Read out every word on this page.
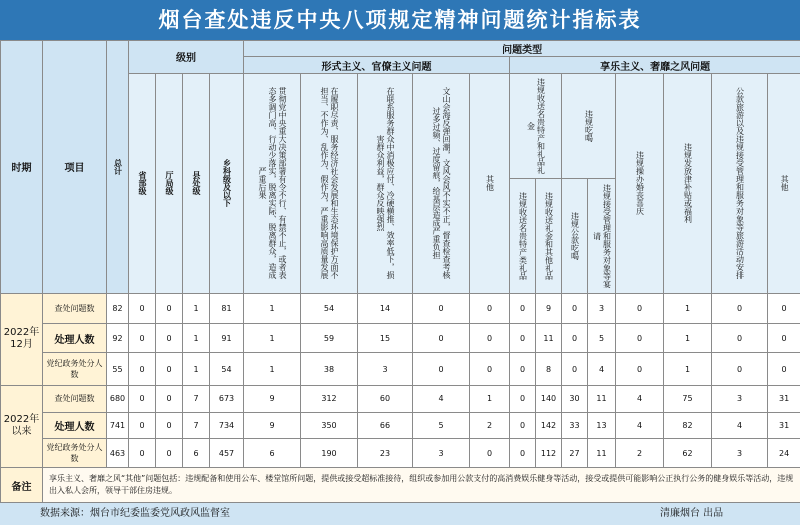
烟台查处违反中央八项规定精神问题统计指标表
时期	项目	总计	级别				问题类型												
							形式主义、官僚主义问题					享乐主义、奢靡之风问题							

			省部级	厅局级	县处级	乡科级及以下	贯彻党中央重大决策部署有令不行、有禁不止，或者表态多调门高、行动少落实，脱离实际、脱离群众，造成严重后果	在履职尽责、服务经济社会发展和生态环境保护方面不担当、不作为、乱作为、假作为，严重影响高质量发展	在联系服务群众中消极应付、冷硬横推、效率低下，损害群众利益，群众反映强烈	文山会海反弹回潮，文风会风不实不正，督查检查考核过多过频、过度留痕，给基层造成严重负担	其他	违规收送名贵特产和礼品礼金		违规吃喝		违规操办婚丧喜庆	违规发放津补贴或福利	公款旅游以及违规接受管理和服务对象等旅游活动安排	其他

												违规收送名贵特产类礼品	违规收送礼金和其他礼品	违规公款吃喝	违规接受管理和服务对象等宴请				

2022年12月	查处问题数	82	0	0	1	81	1	54	14	0	0	0	9	0	3	0	1	0	0
	处理人数	92	0	0	1	91	1	59	15	0	0	0	11	0	5	0	1	0	0
	党纪政务处分人数	55	0	0	1	54	1	38	3	0	0	0	8	0	4	0	1	0	0
2022年以来	查处问题数	680	0	0	7	673	9	312	60	4	1	0	140	30	11	4	75	3	31
	处理人数	741	0	0	7	734	9	350	66	5	2	0	142	33	13	4	82	4	31
	党纪政务处分人数	463	0	0	6	457	6	190	23	3	0	0	112	27	11	2	62	3	24
备注	享乐主义、奢靡之风“其他”问题包括：违规配备和使用公车、楼堂馆所问题，提供或接受超标准接待，组织或参加用公款支付的高消费娱乐健身等活动，接受或提供可能影响公正执行公务的健身娱乐等活动，违规出入私人会所，领导干部住房违规。																		
数据来源：烟台市纪委监委党风政风监督室	清廉烟台 出品
